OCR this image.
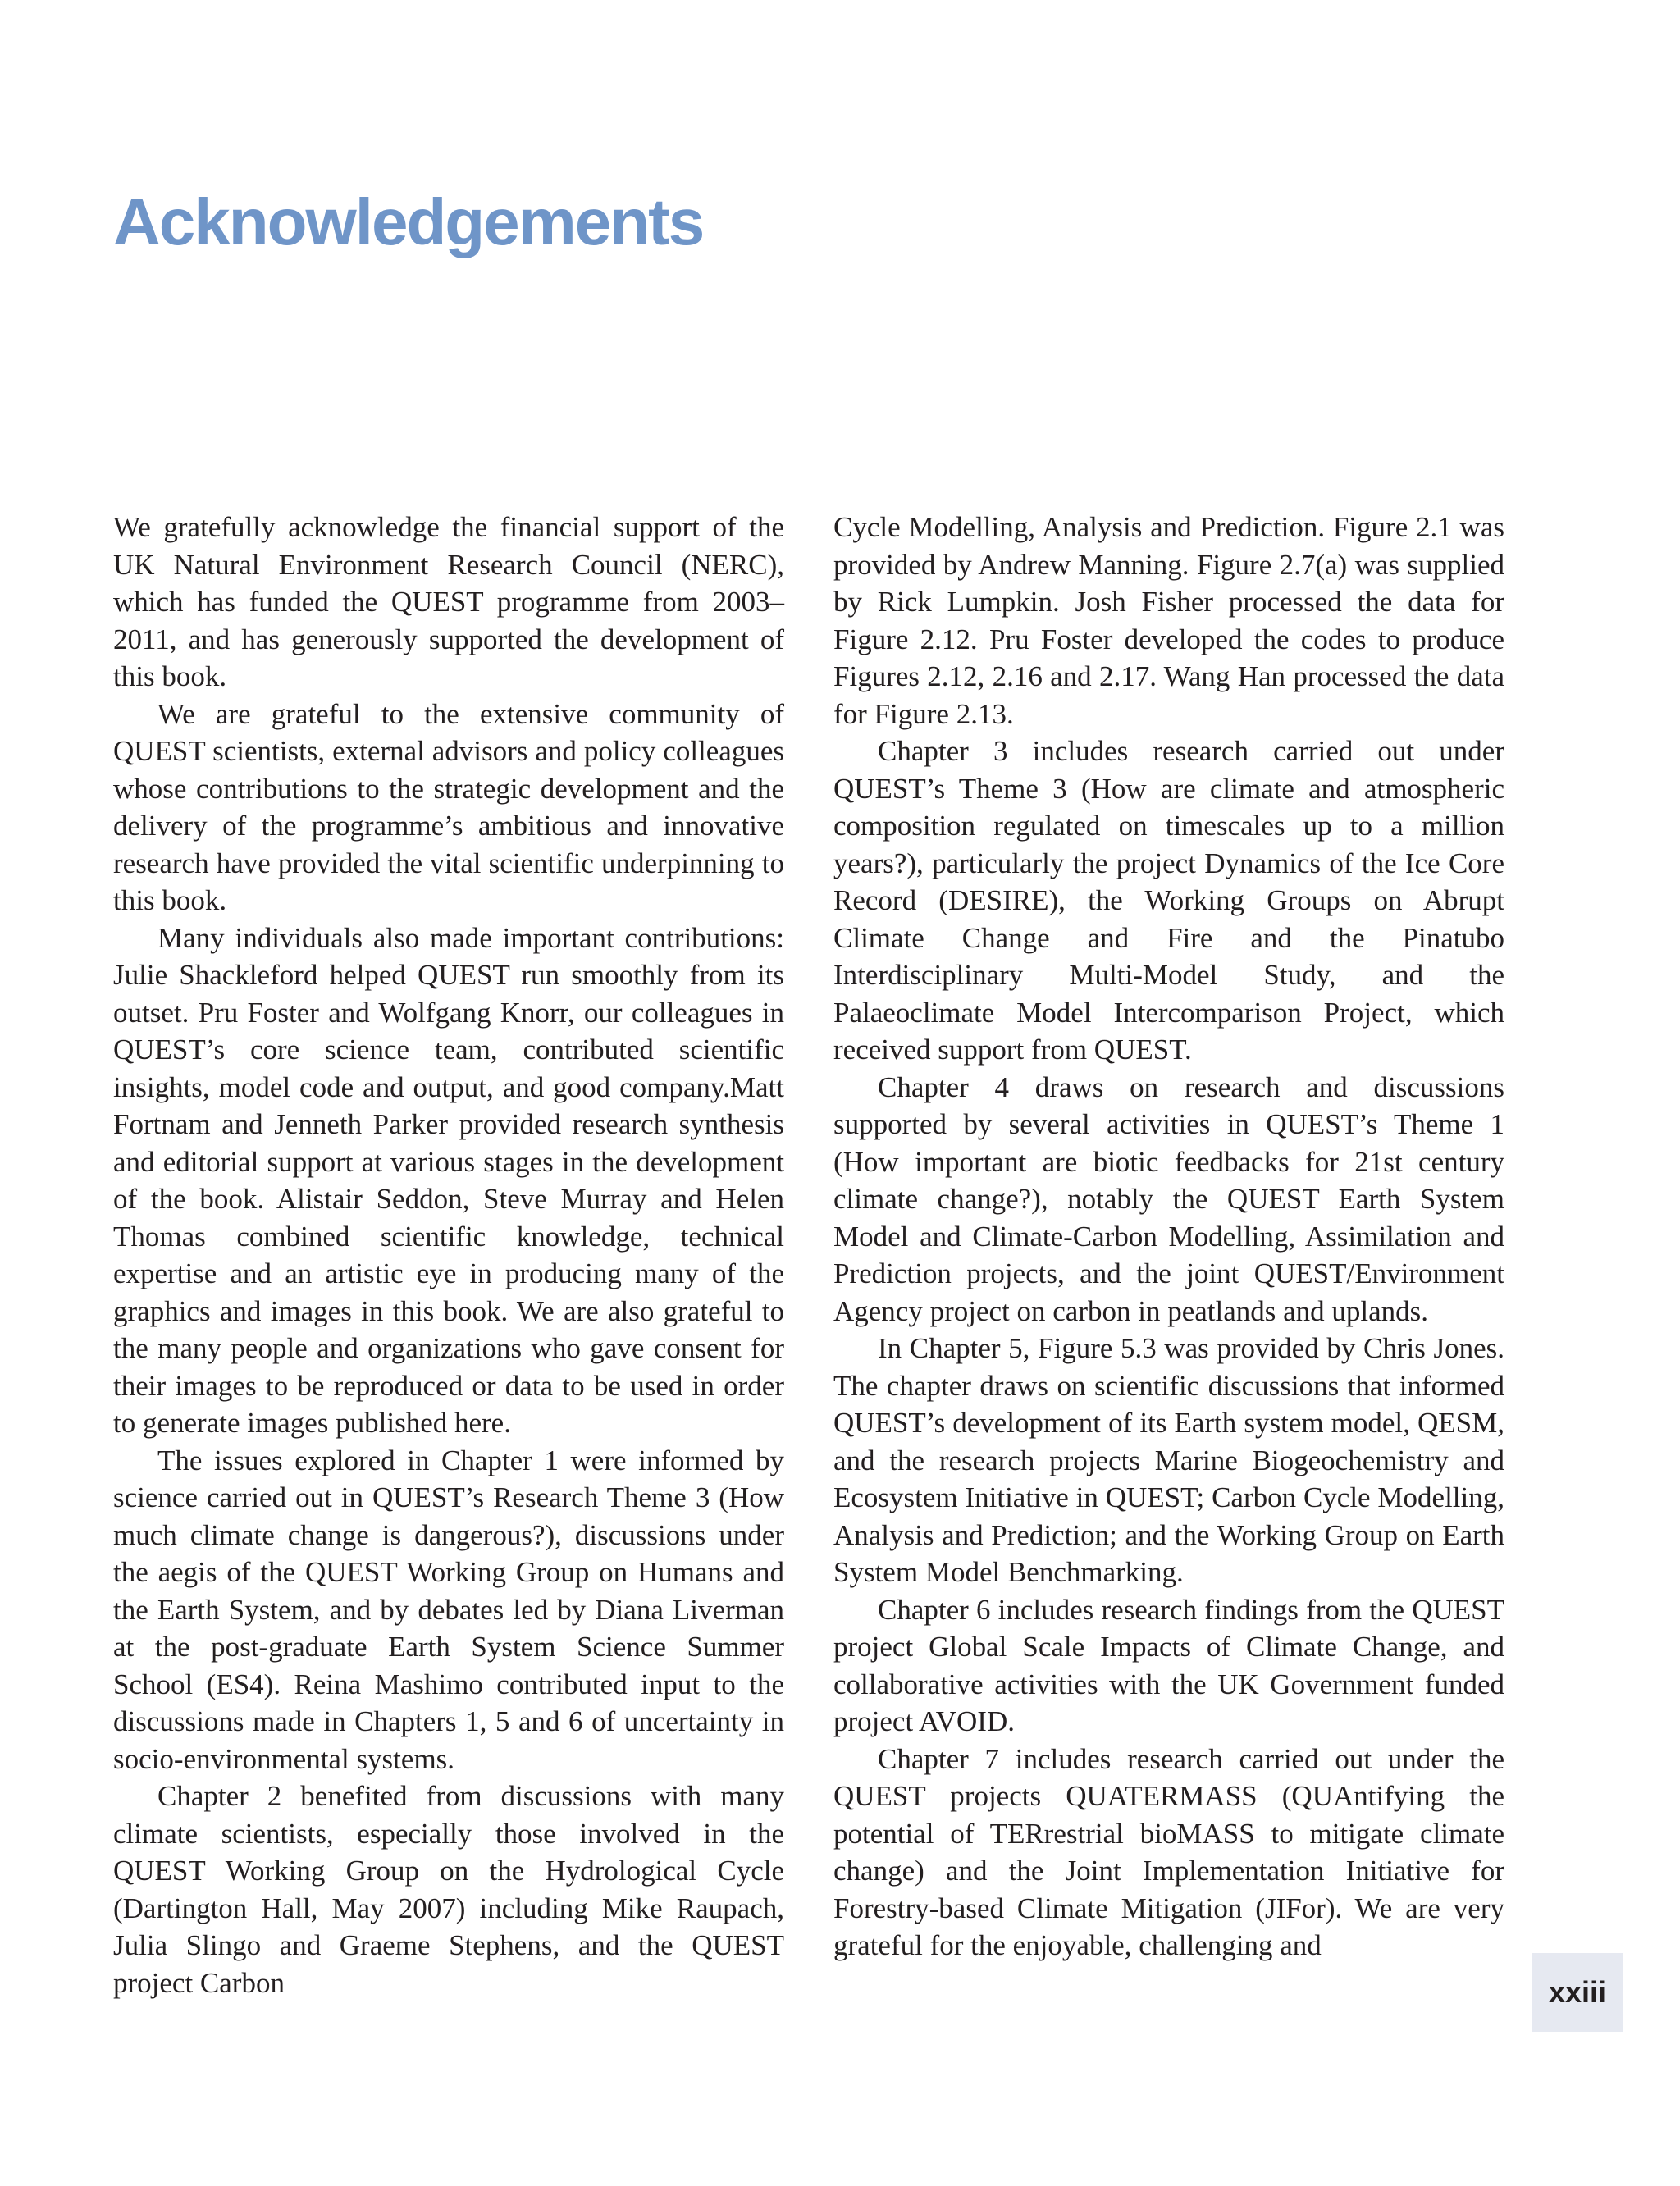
Acknowledgements

We gratefully acknowledge the financial support of the UK Natural Environment Research Council (NERC), which has funded the QUEST programme from 2003–2011, and has generously supported the development of this book.

We are grateful to the extensive community of QUEST scientists, external advisors and policy colleagues whose contributions to the strategic development and the delivery of the programme’s ambitious and innovative research have provided the vital scientific underpinning to this book.

Many individuals also made important contributions: Julie Shackleford helped QUEST run smoothly from its outset. Pru Foster and Wolfgang Knorr, our colleagues in QUEST’s core science team, contributed scientific insights, model code and output, and good company.Matt Fortnam and Jenneth Parker provided research synthesis and editorial support at various stages in the development of the book. Alistair Seddon, Steve Murray and Helen Thomas combined scientific knowledge, technical expertise and an artistic eye in producing many of the graphics and images in this book. We are also grateful to the many people and organizations who gave consent for their images to be reproduced or data to be used in order to generate images published here.

The issues explored in Chapter 1 were informed by science carried out in QUEST’s Research Theme 3 (How much climate change is dangerous?), discussions under the aegis of the QUEST Working Group on Humans and the Earth System, and by debates led by Diana Liverman at the post-graduate Earth System Science Summer School (ES4). Reina Mashimo contributed input to the discussions made in Chapters 1, 5 and 6 of uncertainty in socio-environmental systems.

Chapter 2 benefited from discussions with many climate scientists, especially those involved in the QUEST Working Group on the Hydrological Cycle (Dartington Hall, May 2007) including Mike Raupach, Julia Slingo and Graeme Stephens, and the QUEST project Carbon

Cycle Modelling, Analysis and Prediction. Figure 2.1 was provided by Andrew Manning. Figure 2.7(a) was supplied by Rick Lumpkin. Josh Fisher processed the data for Figure 2.12. Pru Foster developed the codes to produce Figures 2.12, 2.16 and 2.17. Wang Han processed the data for Figure 2.13.

Chapter 3 includes research carried out under QUEST’s Theme 3 (How are climate and atmospheric composition regulated on timescales up to a million years?), particularly the project Dynamics of the Ice Core Record (DESIRE), the Working Groups on Abrupt Climate Change and Fire and the Pinatubo Interdisciplinary Multi-Model Study, and the Palaeoclimate Model Intercomparison Project, which received support from QUEST.

Chapter 4 draws on research and discussions supported by several activities in QUEST’s Theme 1 (How important are biotic feedbacks for 21st century climate change?), notably the QUEST Earth System Model and Climate-Carbon Modelling, Assimilation and Prediction projects, and the joint QUEST/Environment Agency project on carbon in peatlands and uplands.

In Chapter 5, Figure 5.3 was provided by Chris Jones. The chapter draws on scientific discussions that informed QUEST’s development of its Earth system model, QESM, and the research projects Marine Biogeochemistry and Ecosystem Initiative in QUEST; Carbon Cycle Modelling, Analysis and Prediction; and the Working Group on Earth System Model Benchmarking.

Chapter 6 includes research findings from the QUEST project Global Scale Impacts of Climate Change, and collaborative activities with the UK Government funded project AVOID.

Chapter 7 includes research carried out under the QUEST projects QUATERMASS (QUAntifying the potential of TERrestrial bioMASS to mitigate climate change) and the Joint Implementation Initiative for Forestry-based Climate Mitigation (JIFor). We are very grateful for the enjoyable, challenging and

xxiii
